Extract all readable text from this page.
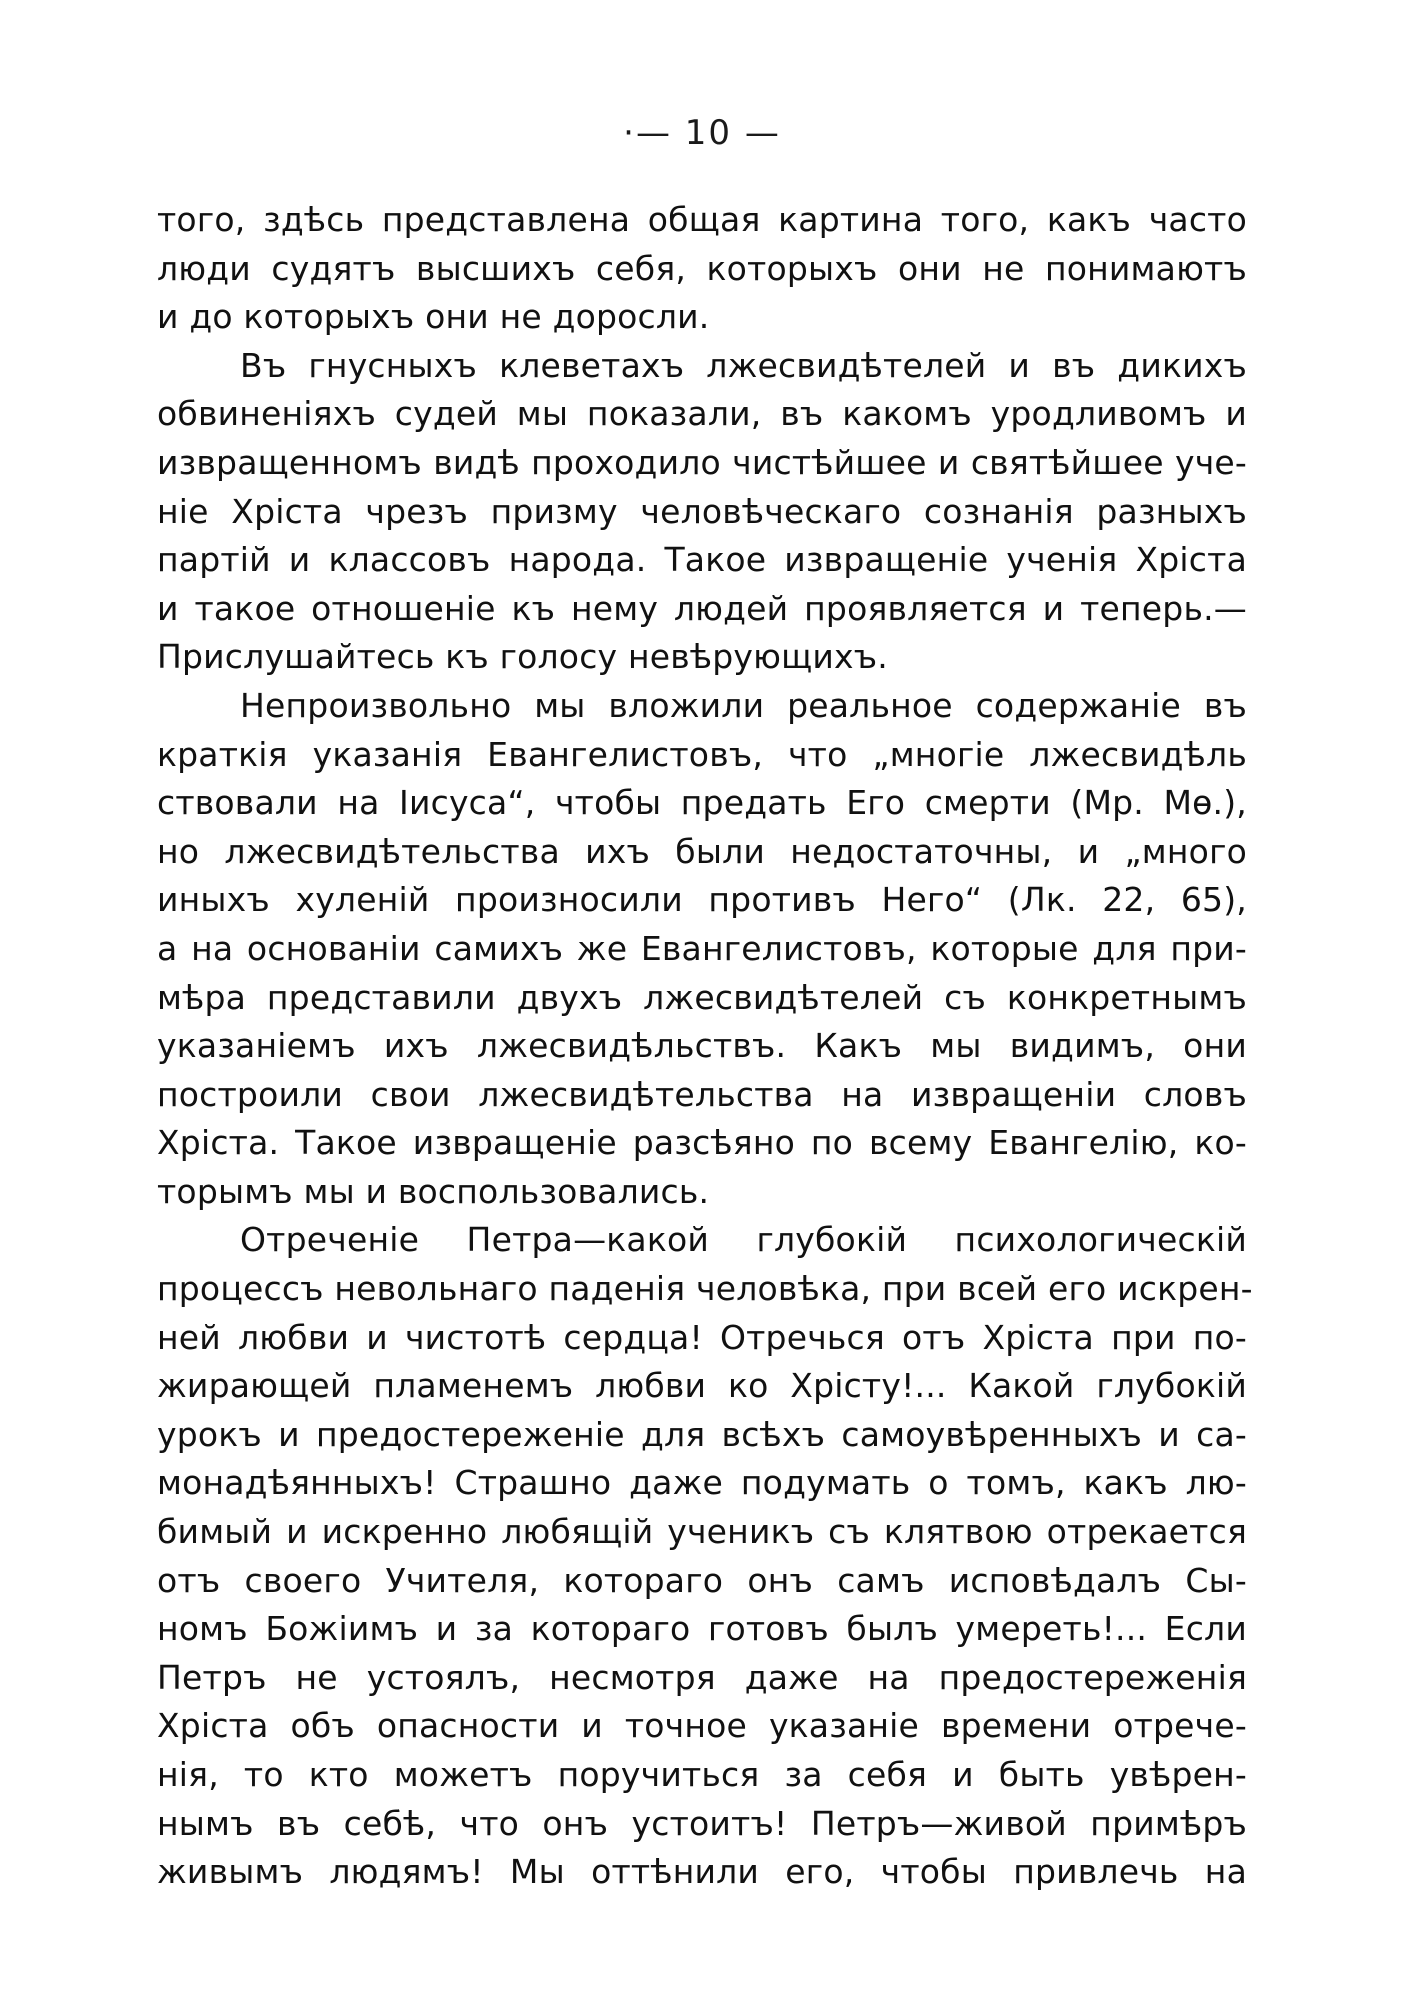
·— 10 —
того, здѣсь представлена общая картина того, какъ часто
люди судятъ высшихъ себя, которыхъ они не понимаютъ
и до которыхъ они не доросли.
Въ гнусныхъ клеветахъ лжесвидѣтелей и въ дикихъ
обвиненіяхъ судей мы показали, въ какомъ уродливомъ и
извращенномъ видѣ проходило чистѣйшее и святѣйшее уче-
ніе Хріста чрезъ призму человѣческаго сознанія разныхъ
партій и классовъ народа. Такое извращеніе ученія Хріста
и такое отношеніе къ нему людей проявляется и теперь.—
Прислушайтесь къ голосу невѣрующихъ.
Непроизвольно мы вложили реальное содержаніе въ
краткія указанія Евангелистовъ, что „многіе лжесвидѣль
ствовали на Іисуса“, чтобы предать Его смерти (Мр. Мѳ.),
но лжесвидѣтельства ихъ были недостаточны, и „много
иныхъ хуленій произносили противъ Него“ (Лк. 22, 65),
а на основаніи самихъ же Евангелистовъ, которые для при-
мѣра представили двухъ лжесвидѣтелей съ конкретнымъ
указаніемъ ихъ лжесвидѣльствъ. Какъ мы видимъ, они
построили свои лжесвидѣтельства на извращеніи словъ
Хріста. Такое извращеніе разсѣяно по всему Евангелію, ко-
торымъ мы и воспользовались.
Отреченіе Петра—какой глубокій психологическій
процессъ невольнаго паденія человѣка, при всей его искрен-
ней любви и чистотѣ сердца! Отречься отъ Хріста при по-
жирающей пламенемъ любви ко Хрісту!... Какой глубокій
урокъ и предостереженіе для всѣхъ самоувѣренныхъ и са-
монадѣянныхъ! Страшно даже подумать о томъ, какъ лю-
бимый и искренно любящій ученикъ съ клятвою отрекается
отъ своего Учителя, котораго онъ самъ исповѣдалъ Сы-
номъ Божіимъ и за котораго готовъ былъ умереть!... Если
Петръ не устоялъ, несмотря даже на предостереженія
Хріста объ опасности и точное указаніе времени отрече-
нія, то кто можетъ поручиться за себя и быть увѣрен-
нымъ въ себѣ, что онъ устоитъ! Петръ—живой примѣръ
живымъ людямъ! Мы оттѣнили его, чтобы привлечь на
